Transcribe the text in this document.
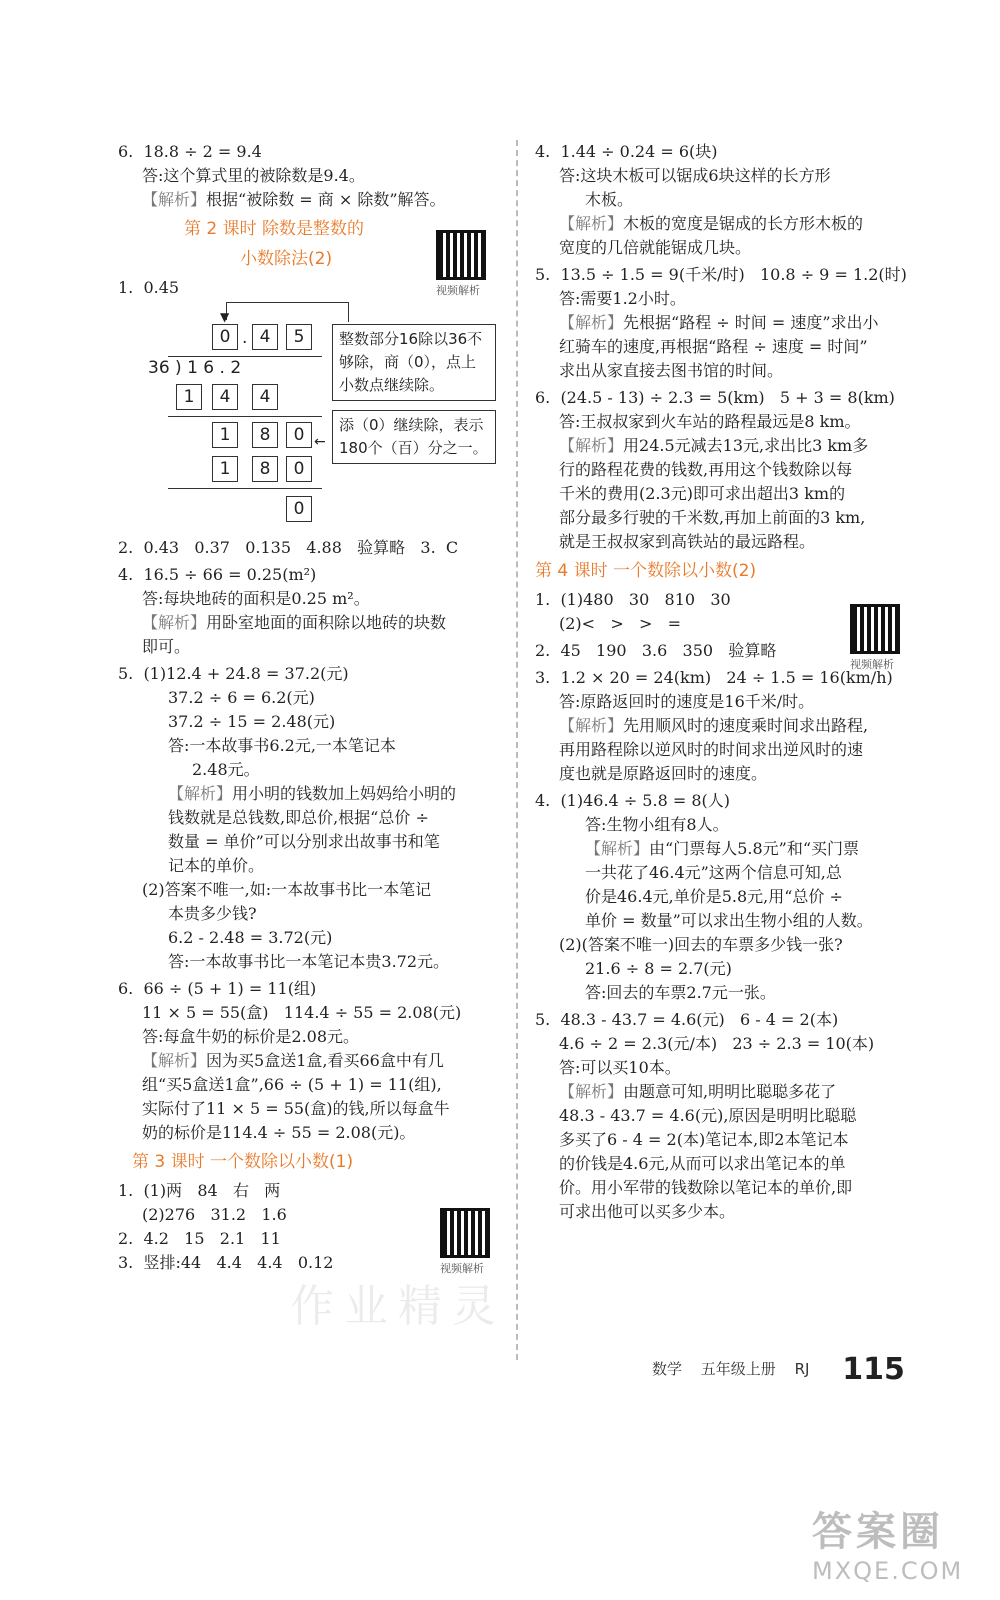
6.  18.8 ÷ 2 = 9.4

答:这个算式里的被除数是9.4。

【解析】根据“被除数 = 商 × 除数”解答。

第 2 课时 除数是整数的
小数除法(2)

1.  0.45

▼
0 . 4	5
36 ) 1 6 . 2
1	4	4
1	8	0
1	8	0
0
整数部分16除以36不够除，商（0），点上小数点继续除。
←
添（0）继续除，表示180个（百）分之一。

2.  0.43   0.37   0.135   4.88   验算略   3.  C

4.  16.5 ÷ 66 = 0.25(m²)

答:每块地砖的面积是0.25 m²。

【解析】用卧室地面的面积除以地砖的块数

即可。

5.  (1)12.4 + 24.8 = 37.2(元)

37.2 ÷ 6 = 6.2(元)

37.2 ÷ 15 = 2.48(元)

答:一本故事书6.2元,一本笔记本

2.48元。

【解析】用小明的钱数加上妈妈给小明的

钱数就是总钱数,即总价,根据“总价 ÷

数量 = 单价”可以分别求出故事书和笔

记本的单价。

(2)答案不唯一,如:一本故事书比一本笔记

本贵多少钱?

6.2 - 2.48 = 3.72(元)

答:一本故事书比一本笔记本贵3.72元。

6.  66 ÷ (5 + 1) = 11(组)

11 × 5 = 55(盒)   114.4 ÷ 55 = 2.08(元)

答:每盒牛奶的标价是2.08元。

【解析】因为买5盒送1盒,看买66盒中有几

组“买5盒送1盒”,66 ÷ (5 + 1) = 11(组),

实际付了11 × 5 = 55(盒)的钱,所以每盒牛

奶的标价是114.4 ÷ 55 = 2.08(元)。

第 3 课时 一个数除以小数(1)

1.  (1)两   84   右   两

(2)276   31.2   1.6

2.  4.2   15   2.1   11

3.  竖排:44   4.4   4.4   0.12

视频解析
视频解析

4.  1.44 ÷ 0.24 = 6(块)

答:这块木板可以锯成6块这样的长方形

木板。

【解析】木板的宽度是锯成的长方形木板的

宽度的几倍就能锯成几块。

5.  13.5 ÷ 1.5 = 9(千米/时)   10.8 ÷ 9 = 1.2(时)

答:需要1.2小时。

【解析】先根据“路程 ÷ 时间 = 速度”求出小

红骑车的速度,再根据“路程 ÷ 速度 = 时间”

求出从家直接去图书馆的时间。

6.  (24.5 - 13) ÷ 2.3 = 5(km)   5 + 3 = 8(km)

答:王叔叔家到火车站的路程最远是8 km。

【解析】用24.5元减去13元,求出比3 km多

行的路程花费的钱数,再用这个钱数除以每

千米的费用(2.3元)即可求出超出3 km的

部分最多行驶的千米数,再加上前面的3 km,

就是王叔叔家到高铁站的最远路程。

第 4 课时 一个数除以小数(2)

1.  (1)480   30   810   30

(2)<   >   >   =

2.  45   190   3.6   350   验算略

3.  1.2 × 20 = 24(km)   24 ÷ 1.5 = 16(km/h)

答:原路返回时的速度是16千米/时。

【解析】先用顺风时的速度乘时间求出路程,

再用路程除以逆风时的时间求出逆风时的速

度也就是原路返回时的速度。

4.  (1)46.4 ÷ 5.8 = 8(人)

答:生物小组有8人。

【解析】由“门票每人5.8元”和“买门票

一共花了46.4元”这两个信息可知,总

价是46.4元,单价是5.8元,用“总价 ÷

单价 = 数量”可以求出生物小组的人数。

(2)(答案不唯一)回去的车票多少钱一张?

21.6 ÷ 8 = 2.7(元)

答:回去的车票2.7元一张。

5.  48.3 - 43.7 = 4.6(元)   6 - 4 = 2(本)

4.6 ÷ 2 = 2.3(元/本)   23 ÷ 2.3 = 10(本)

答:可以买10本。

【解析】由题意可知,明明比聪聪多花了

48.3 - 43.7 = 4.6(元),原因是明明比聪聪

多买了6 - 4 = 2(本)笔记本,即2本笔记本

的价钱是4.6元,从而可以求出笔记本的单

价。用小军带的钱数除以笔记本的单价,即

可求出他可以买多少本。

视频解析
数学 五年级上册 RJ 115
作业精灵
答案圈
MXQE.COM
